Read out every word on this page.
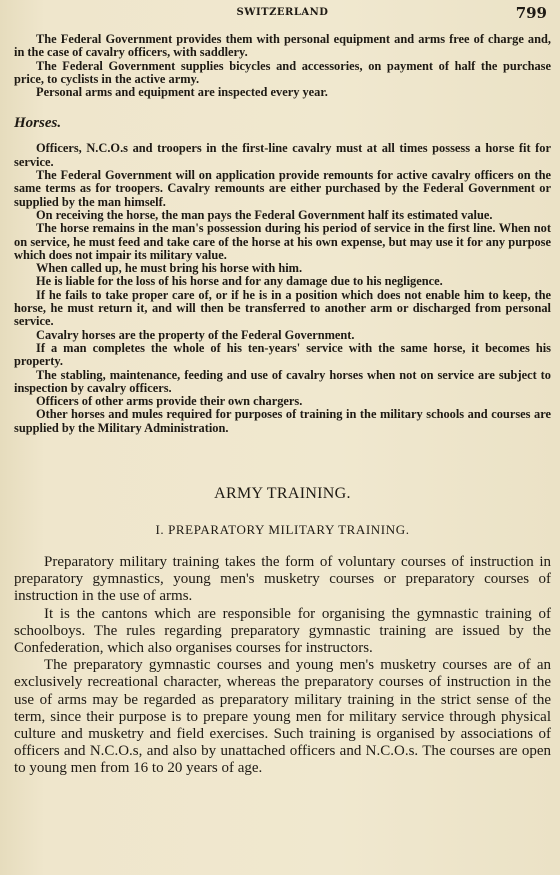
SWITZERLAND	799

The Federal Government provides them with personal equipment and arms free of charge and, in the case of cavalry officers, with saddlery.

The Federal Government supplies bicycles and accessories, on payment of half the purchase price, to cyclists in the active army.

Personal arms and equipment are inspected every year.

Horses.

Officers, N.C.O.s and troopers in the first-line cavalry must at all times possess a horse fit for service.

The Federal Government will on application provide remounts for active cavalry officers on the same terms as for troopers. Cavalry remounts are either purchased by the Federal Government or supplied by the man himself.

On receiving the horse, the man pays the Federal Government half its estimated value.

The horse remains in the man's possession during his period of service in the first line. When not on service, he must feed and take care of the horse at his own expense, but may use it for any purpose which does not impair its military value.

When called up, he must bring his horse with him.

He is liable for the loss of his horse and for any damage due to his negligence.

If he fails to take proper care of, or if he is in a position which does not enable him to keep, the horse, he must return it, and will then be transferred to another arm or discharged from personal service.

Cavalry horses are the property of the Federal Government.

If a man completes the whole of his ten-years' service with the same horse, it becomes his property.

The stabling, maintenance, feeding and use of cavalry horses when not on service are subject to inspection by cavalry officers.

Officers of other arms provide their own chargers.

Other horses and mules required for purposes of training in the military schools and courses are supplied by the Military Administration.

ARMY TRAINING.
I. PREPARATORY MILITARY TRAINING.

Preparatory military training takes the form of voluntary courses of instruction in preparatory gymnastics, young men's musketry courses or preparatory courses of instruction in the use of arms.

It is the cantons which are responsible for organising the gymnastic training of schoolboys. The rules regarding preparatory gymnastic training are issued by the Confederation, which also organises courses for instructors.

The preparatory gymnastic courses and young men's musketry courses are of an exclusively recreational character, whereas the preparatory courses of instruction in the use of arms may be regarded as preparatory military training in the strict sense of the term, since their purpose is to prepare young men for military service through physical culture and musketry and field exercises. Such training is organised by associations of officers and N.C.O.s, and also by unattached officers and N.C.O.s. The courses are open to young men from 16 to 20 years of age.
